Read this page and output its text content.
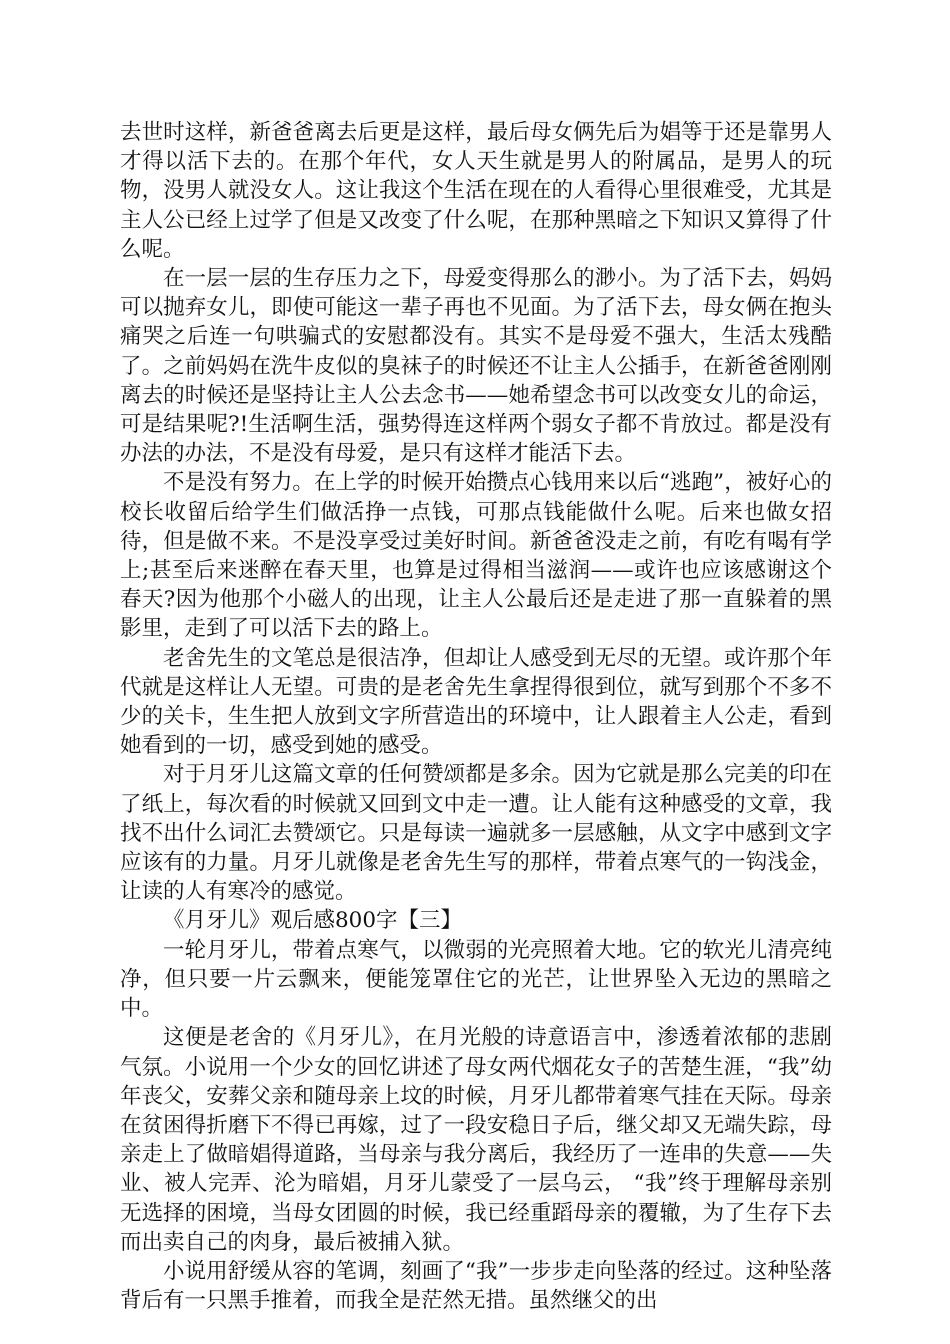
去世时这样，新爸爸离去后更是这样，最后母女俩先后为娼等于还是靠男人才得以活下去的。在那个年代，女人天生就是男人的附属品，是男人的玩物，没男人就没女人。这让我这个生活在现在的人看得心里很难受，尤其是主人公已经上过学了但是又改变了什么呢，在那种黑暗之下知识又算得了什么呢。

在一层一层的生存压力之下，母爱变得那么的渺小。为了活下去，妈妈可以抛弃女儿，即使可能这一辈子再也不见面。为了活下去，母女俩在抱头痛哭之后连一句哄骗式的安慰都没有。其实不是母爱不强大，生活太残酷了。之前妈妈在洗牛皮似的臭袜子的时候还不让主人公插手，在新爸爸刚刚离去的时候还是坚持让主人公去念书——她希望念书可以改变女儿的命运，可是结果呢?!生活啊生活，强势得连这样两个弱女子都不肯放过。都是没有办法的办法，不是没有母爱，是只有这样才能活下去。

不是没有努力。在上学的时候开始攒点心钱用来以后“逃跑”，被好心的校长收留后给学生们做活挣一点钱，可那点钱能做什么呢。后来也做女招待，但是做不来。不是没享受过美好时间。新爸爸没走之前，有吃有喝有学上;甚至后来迷醉在春天里，也算是过得相当滋润——或许也应该感谢这个春天?因为他那个小磁人的出现，让主人公最后还是走进了那一直躲着的黑影里，走到了可以活下去的路上。

老舍先生的文笔总是很洁净，但却让人感受到无尽的无望。或许那个年代就是这样让人无望。可贵的是老舍先生拿捏得很到位，就写到那个不多不少的关卡，生生把人放到文字所营造出的环境中，让人跟着主人公走，看到她看到的一切，感受到她的感受。

对于月牙儿这篇文章的任何赞颂都是多余。因为它就是那么完美的印在了纸上，每次看的时候就又回到文中走一遭。让人能有这种感受的文章，我找不出什么词汇去赞颂它。只是每读一遍就多一层感触，从文字中感到文字应该有的力量。月牙儿就像是老舍先生写的那样，带着点寒气的一钩浅金，让读的人有寒冷的感觉。

《月牙儿》观后感800字【三】

一轮月牙儿，带着点寒气，以微弱的光亮照着大地。它的软光儿清亮纯净，但只要一片云飘来，便能笼罩住它的光芒，让世界坠入无边的黑暗之中。

这便是老舍的《月牙儿》，在月光般的诗意语言中，渗透着浓郁的悲剧气氛。小说用一个少女的回忆讲述了母女两代烟花女子的苦楚生涯，“我”幼年丧父，安葬父亲和随母亲上坟的时候，月牙儿都带着寒气挂在天际。母亲在贫困得折磨下不得已再嫁，过了一段安稳日子后，继父却又无端失踪，母亲走上了做暗娼得道路，当母亲与我分离后，我经历了一连串的失意——失业、被人完弄、沦为暗娼，月牙儿蒙受了一层乌云， “我”终于理解母亲别无选择的困境，当母女团圆的时候，我已经重蹈母亲的覆辙，为了生存下去而出卖自己的肉身，最后被捕入狱。

小说用舒缓从容的笔调，刻画了“我”一步步走向坠落的经过。这种坠落背后有一只黑手推着，而我全是茫然无措。虽然继父的出
